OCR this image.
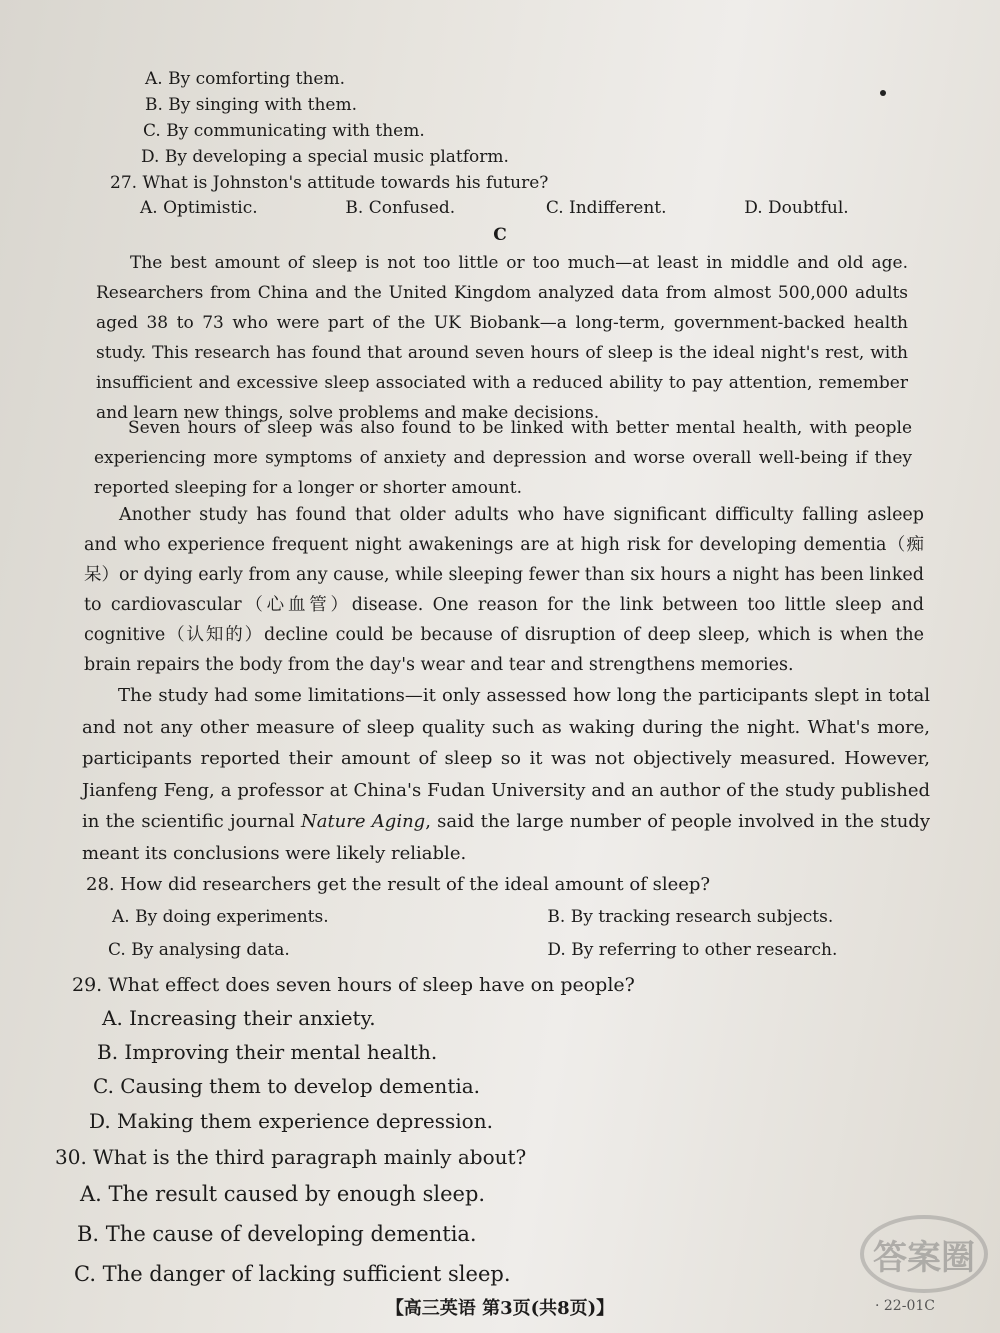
A. By comforting them.
B. By singing with them.
C. By communicating with them.
D. By developing a special music platform.
27. What is Johnston's attitude towards his future?
A. Optimistic.	B. Confused.	C. Indifferent.	D. Doubtful.
C
The best amount of sleep is not too little or too much—at least in middle and old age. Researchers from China and the United Kingdom analyzed data from almost 500,000 adults aged 38 to 73 who were part of the UK Biobank—a long-term, government-backed health study. This research has found that around seven hours of sleep is the ideal night's rest, with insufficient and excessive sleep associated with a reduced ability to pay attention, remember and learn new things, solve problems and make decisions.
Seven hours of sleep was also found to be linked with better mental health, with people experiencing more symptoms of anxiety and depression and worse overall well-being if they reported sleeping for a longer or shorter amount.
Another study has found that older adults who have significant difficulty falling asleep and who experience frequent night awakenings are at high risk for developing dementia（痴呆）or dying early from any cause, while sleeping fewer than six hours a night has been linked to cardiovascular（心血管）disease. One reason for the link between too little sleep and cognitive（认知的）decline could be because of disruption of deep sleep, which is when the brain repairs the body from the day's wear and tear and strengthens memories.
The study had some limitations—it only assessed how long the participants slept in total and not any other measure of sleep quality such as waking during the night. What's more, participants reported their amount of sleep so it was not objectively measured. However, Jianfeng Feng, a professor at China's Fudan University and an author of the study published in the scientific journal Nature Aging, said the large number of people involved in the study meant its conclusions were likely reliable.
28. How did researchers get the result of the ideal amount of sleep?
A. By doing experiments.	B. By tracking research subjects.
C. By analysing data.	D. By referring to other research.
29. What effect does seven hours of sleep have on people?
A. Increasing their anxiety.
B. Improving their mental health.
C. Causing them to develop dementia.
D. Making them experience depression.
30. What is the third paragraph mainly about?
A. The result caused by enough sleep.
B. The cause of developing dementia.
C. The danger of lacking sufficient sleep.	答案圈
【高三英语 第3页(共8页)】	· 22-01C
